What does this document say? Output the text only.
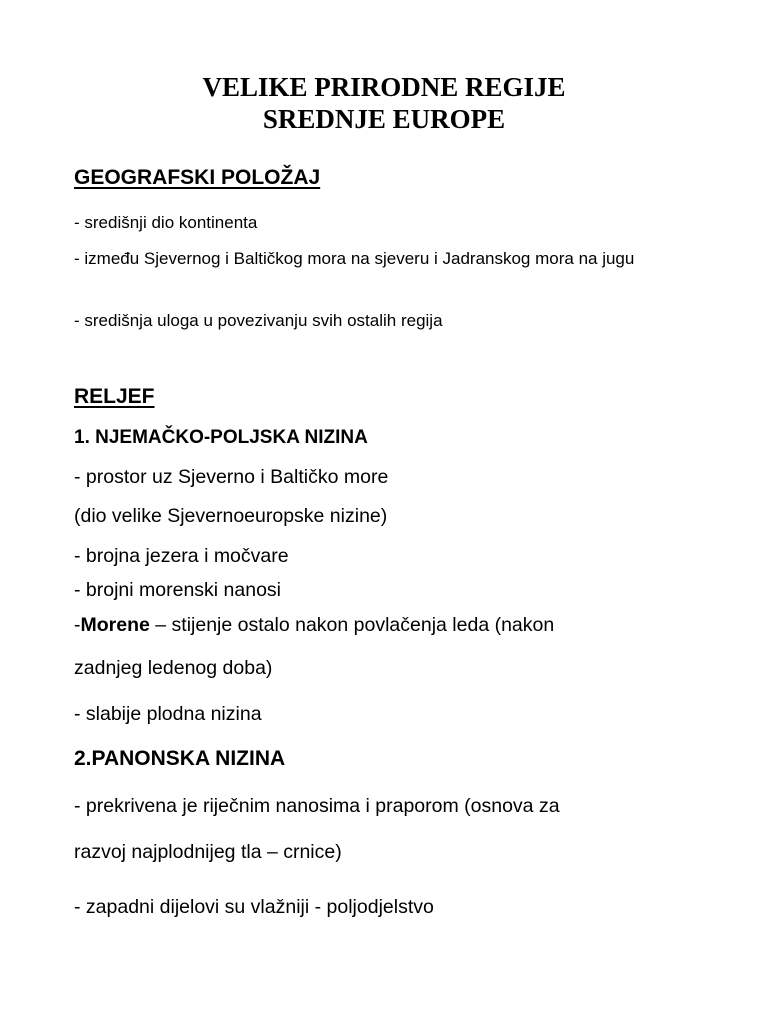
VELIKE PRIRODNE REGIJE
SREDNJE EUROPE
GEOGRAFSKI POLOŽAJ

- središnji dio kontinenta

- između Sjevernog i Baltičkog mora na sjeveru i Jadranskog mora na jugu

- središnja uloga u povezivanju svih ostalih regija

RELJEF
1. NJEMAČKO-POLJSKA NIZINA

- prostor uz Sjeverno i Baltičko more

(dio velike Sjevernoeuropske nizine)

- brojna jezera i močvare

- brojni morenski nanosi

-Morene – stijenje ostalo nakon povlačenja leda (nakon

zadnjeg ledenog doba)

- slabije plodna nizina

2.PANONSKA NIZINA

- prekrivena je riječnim nanosima i praporom (osnova za

razvoj najplodnijeg tla – crnice)

- zapadni dijelovi su vlažniji - poljodjelstvo
